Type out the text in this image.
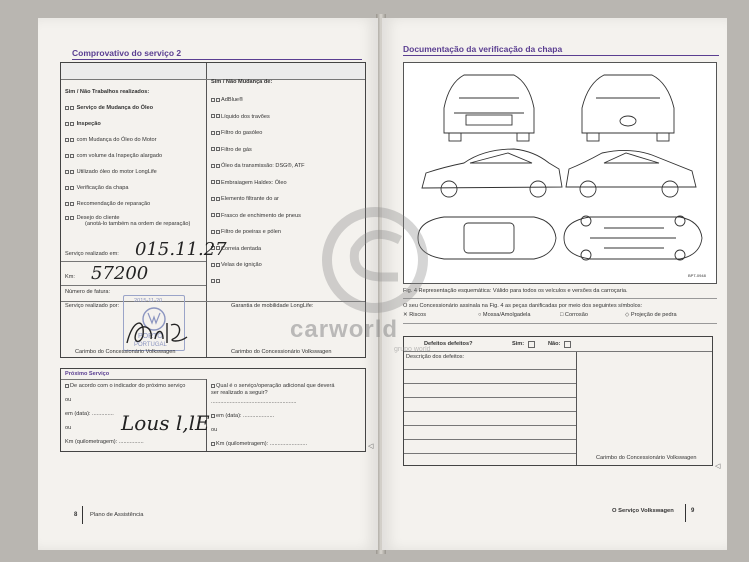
Comprovativo do serviço 2
Sim / Não Trabalhos realizados:
Sim / Não Mudança de:
Serviço de Mudança do Óleo
Inspeção
com Mudança do Óleo do Motor
com volume da Inspeção alargado
Utilizado óleo do motor LongLife
Verificação da chapa
Recomendação de reparação
Desejo do cliente
(anotá-lo também na ordem de reparação)
AdBlue®
Líquido dos travões
Filtro do gasóleo
Filtro de gás
Óleo da transmissão: DSG®, ATF
Embraiagem Haldex: Óleo
Elemento filtrante do ar
Frasco de enchimento de pneus
Filtro de poeiras e pólen
Correia dentada
Velas de ignição
Serviço realizado em: 015.11.27
Km: 57200
Número de fatura:
Serviço realizado por:	Garantia de mobilidade LongLife:
2015-11-20
PORTO
PORTUGAL
Carimbo do Concessionário Volkswagen	Carimbo do Concessionário Volkswagen
Próximo Serviço
De acordo com o indicador do próximo serviço
ou
em (data): ..............
ou
Km (quilometragem): ................
Qual é o serviço/operação adicional que deverá
ser realizado a seguir?
.......................................................
em (data): ....................
ou
Km (quilometragem): ........................
Lous l,lE
◁
8 Plano de Assistência
Documentação da verificação da chapa
BPT-0948
Fig. 4 Representação esquemática: Válido para todos os veículos e versões da carroçaria.
O seu Concessionário assinala na Fig. 4 as peças danificadas por meio dos seguintes símbolos:
✕ Riscos	○ Mossa/Amolgadela	□ Corrosão	◇ Projeção de pedra
Defeitos defeitos?	Sim:	Não:
Descrição dos defeitos:
Carimbo do Concessionário Volkswagen
◁
O Serviço Volkswagen	9
carworld
grupo world
